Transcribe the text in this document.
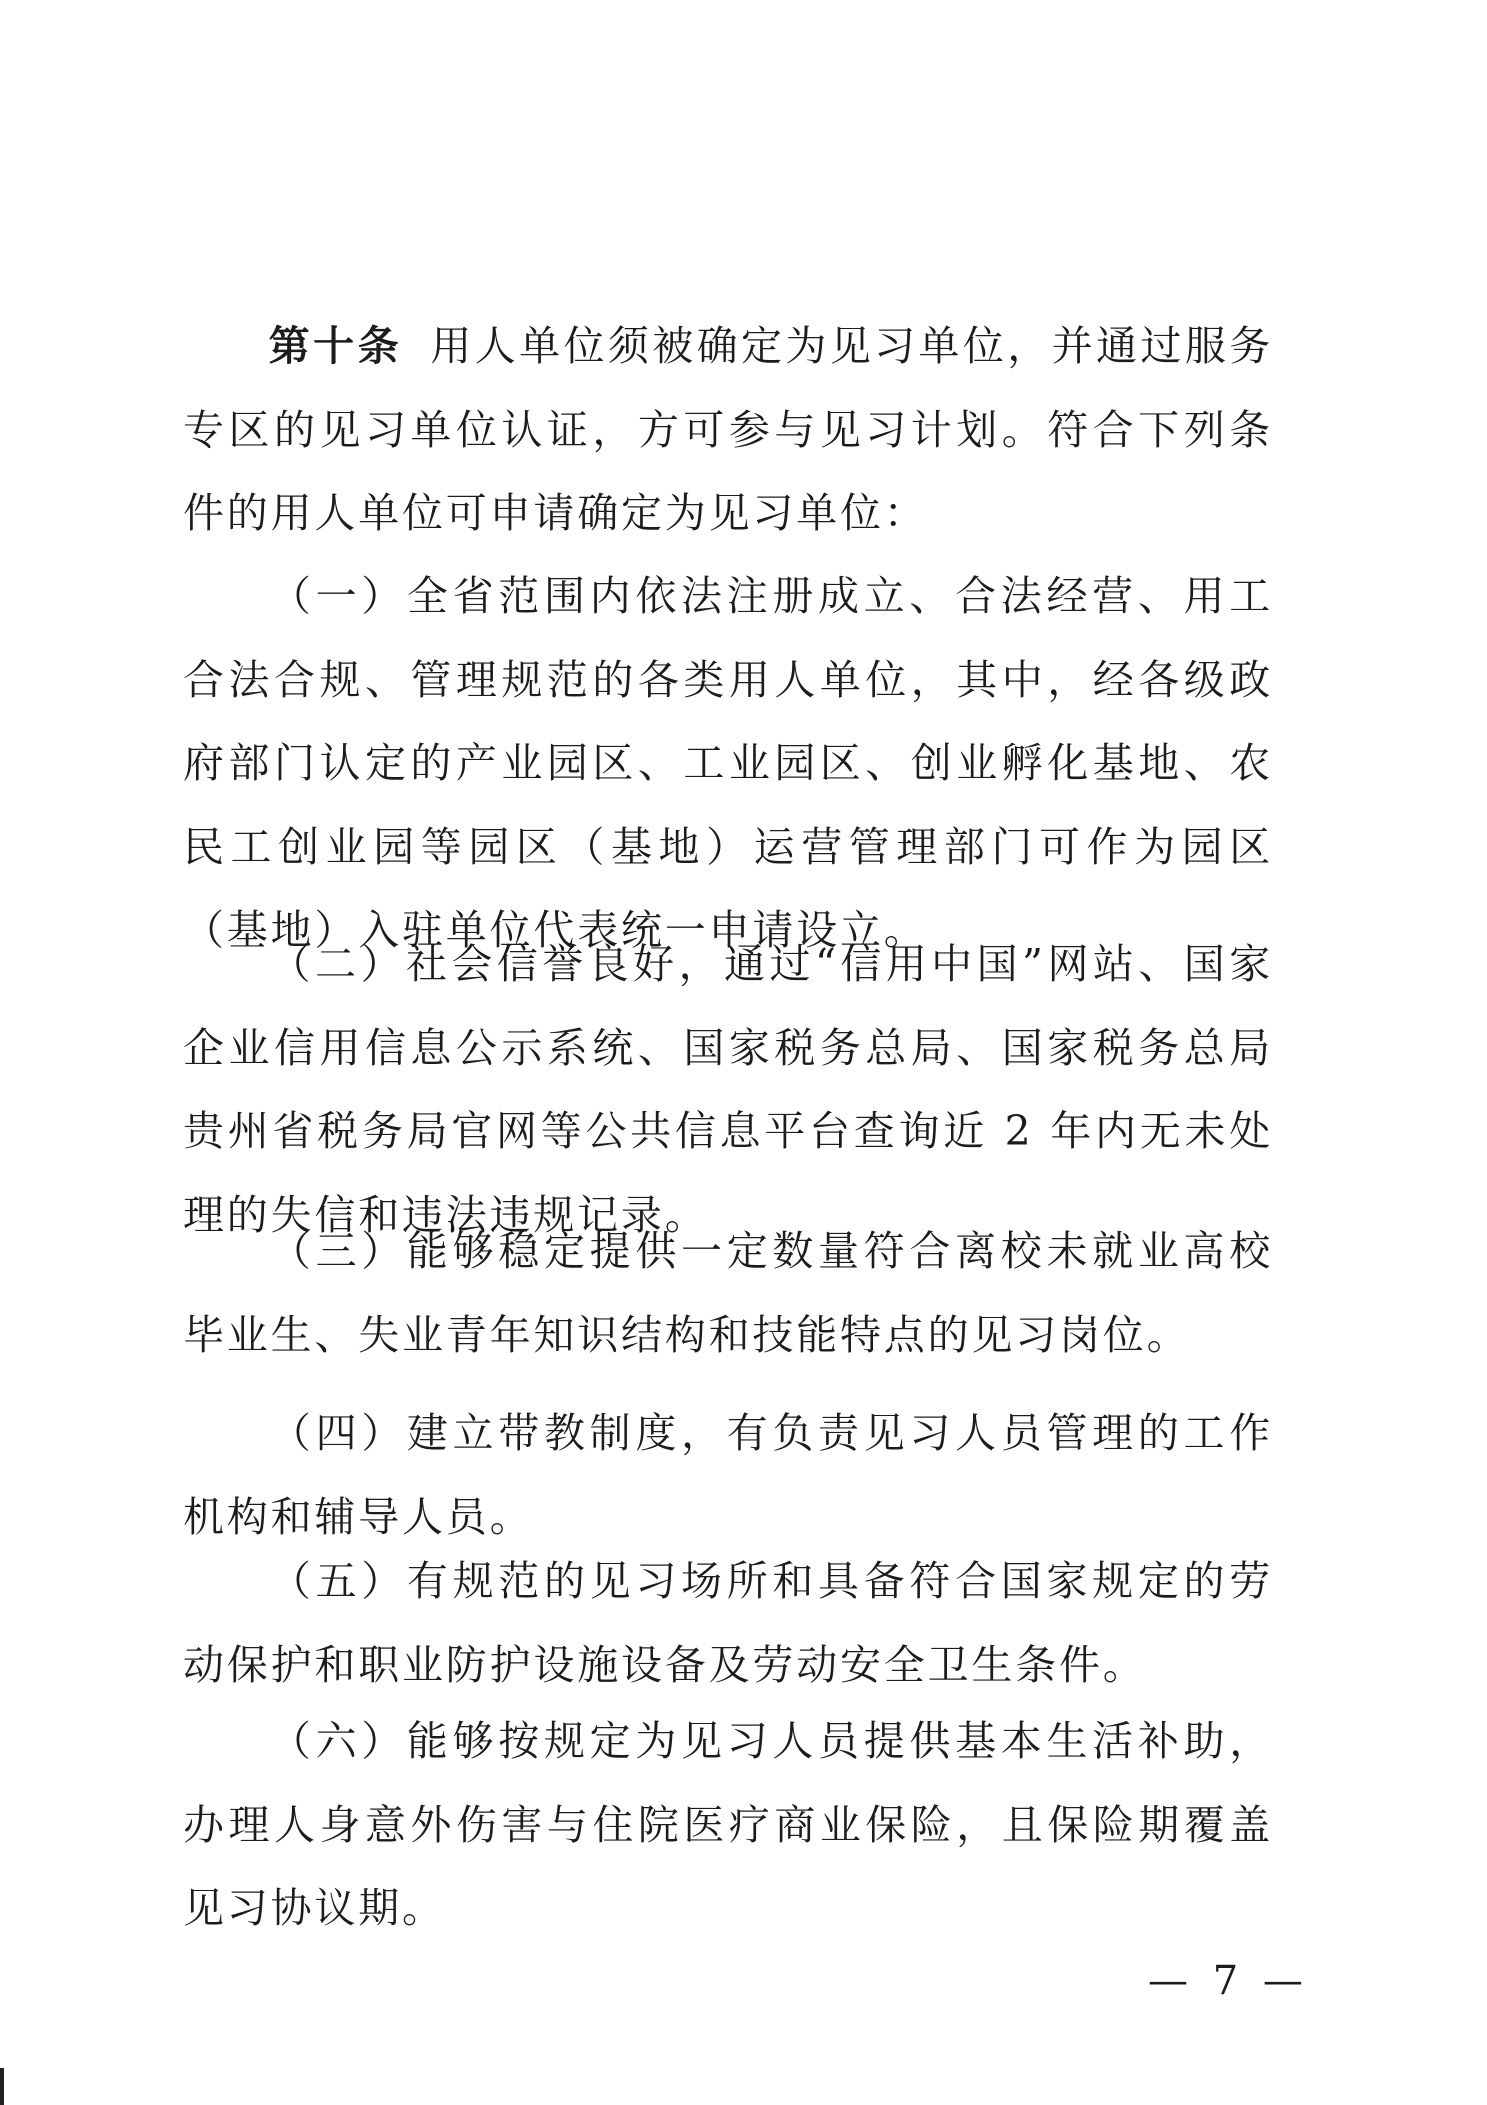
第十条 用人单位须被确定为见习单位，并通过服务专区的见习单位认证，方可参与见习计划。符合下列条件的用人单位可申请确定为见习单位：

（一）全省范围内依法注册成立、合法经营、用工合法合规、管理规范的各类用人单位，其中，经各级政府部门认定的产业园区、工业园区、创业孵化基地、农民工创业园等园区（基地）运营管理部门可作为园区（基地）入驻单位代表统一申请设立。

（二）社会信誉良好，通过“信用中国”网站、国家企业信用信息公示系统、国家税务总局、国家税务总局贵州省税务局官网等公共信息平台查询近 2 年内无未处理的失信和违法违规记录。

（三）能够稳定提供一定数量符合离校未就业高校毕业生、失业青年知识结构和技能特点的见习岗位。

（四）建立带教制度，有负责见习人员管理的工作机构和辅导人员。

（五）有规范的见习场所和具备符合国家规定的劳动保护和职业防护设施设备及劳动安全卫生条件。

（六）能够按规定为见习人员提供基本生活补助，办理人身意外伤害与住院医疗商业保险，且保险期覆盖见习协议期。

— 7 —
